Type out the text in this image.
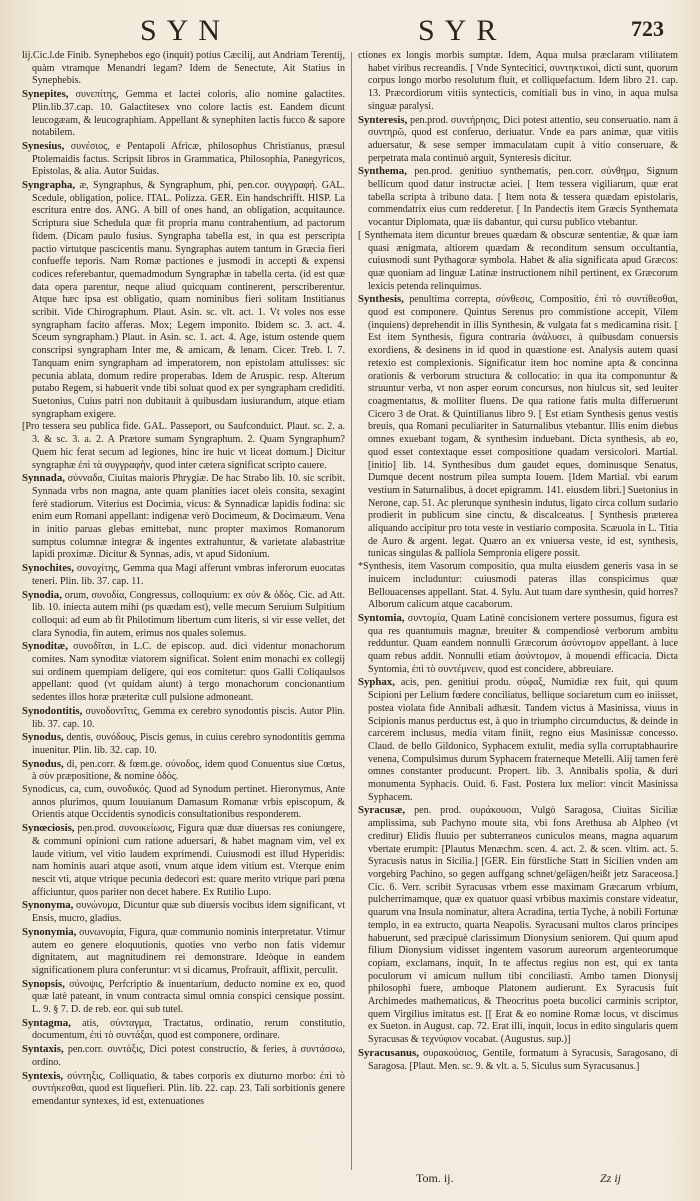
SYN	SYR	723

lij.Cic.l.de Finib. Synephebos ego (inquit) potius Cæcilij, aut Andriam Terentij, quàm vtramque Menandri legam? Idem de Senectute, Ait Statius in Synephebis.

Synepites, συνεπίτης, Gemma et lactei coloris, alio nomine galactites. Plin.lib.37.cap. 10. Galactitesex vno colore lactis est. Eandem dicunt leucogæam, & leucographiam. Appellant & synephiten lactis fucco & sapore notabilem.

Synesius, συνέσιος, e Pentapoli Africæ, philosophus Christianus, præsul Ptolemaidis factus. Scripsit libros in Grammatica, Philosophia, Panegyricos, Epistolas, & alia. Autor Suidas.

Syngrapha, æ, Syngraphus, & Syngraphum, phi, pen.cor. συγγραφή. GAL. Scedule, obligation, police. ITAL. Polizza. GER. Ein handschrifft. HISP. La escritura entre dos. ANG. A bill of ones hand, an obligation, acquitaunce. Scriptura siue Schedula quæ fit propria manu contrahentium, ad pactorum fidem. (Dicam paulo fusius. Syngrapha tabella est, in qua est perscripta pactio virtutque pascicentis manu. Syngraphas autem tantum in Græcia fieri confueffe teporis. Nam Romæ pactiones e jusmodi in accepti & expensi codices referebantur, quemadmodum Syngraphæ in tabella certa. (id est quæ data opera parentur, neque aliud quicquam continerent, perscriberentur. Atque hæc ipsa est obligatio, quam nominibus fieri solitam Institianus scribit. Vide Chirographum. Plaut. Asin. sc. vlt. act. 1. Vt voles nos esse syngrapham facito afferas. Mox; Legem imponito. Ibidem sc. 3. act. 4. Sceum syngrapham.) Plaut. in Asin. sc. 1. act. 4. Age, istum ostende quem conscripsi syngrapham Inter me, & amicam, & lenam. Cicer. Treb. l. 7. Tanquam enim syngrapham ad imperatorem, non epistolam attulisses: sic pecunia ablata, domum redire properabas. Idem de Aruspic. resp. Alterum putabo Regem, si habuerit vnde tibi soluat quod ex per syngrapham crediditi. Suetonius, Cuius patri non dubitauit à quibusdam iusiurandum, atque etiam syngrapham exigere.

[Pro tessera seu publica fide. GAL. Passeport, ou Saufconduict. Plaut. sc. 2. a. 3. & sc. 3. a. 2. A Prætore sumam Syngraphum. 2. Quam Syngraphum? Quem hic ferat secum ad legiones, hinc ire huic vt liceat domum.] Dicitur syngraphæ ἐπὶ τὰ συγγραφὴν, quod inter cætera significat scripto cauere.

Synnada, σύνναδα, Ciuitas maioris Phrygiæ. De hac Strabo lib. 10. sic scribit. Synnada vrbs non magna, ante quam planities iacet oleis consita, sexagint ferè stadiorum. Viterius est Docimia, vicus: & Synnadicæ lapidis fodina: sic enim eum Romani appellant: indigenæ verò Docimeum, & Docimæum. Vena in initio paruas glebas emittebat, nunc propter maximos Romanorum sumptus columnæ integræ & ingentes extrahuntur, & varietate alabastritæ lapidi proximæ. Dicitur & Synnas, adis, vt apud Sidonium.

Synochites, συνοχίτης, Gemma qua Magi afferunt vmbras inferorum euocatas teneri. Plin. lib. 37. cap. 11.

Synodia, orum, συνοδία, Congressus, colloquium: ex σύν & ὁδὸς. Cic. ad Att. lib. 10. iniecta autem mihi (ps quædam est), velle mecum Seruium Sulpitium colloqui: ad eum ab fit Philotimum libertum cum literis, si vir esse vellet, det clara Synodia, fin autem, erimus nos quales solemus.

Synoditæ, συνοδῖται, in L.C. de episcop. aud. dici videntur monachorum comites. Nam synoditæ viatorem significat. Solent enim monachi ex collegij sui ordinem quempiam deligere, qui eos comitetur: quos Galli Coliqaulsos appellant: quod (vt quidam aiunt) à tergo monachorum concionantium sedentes illos horæ præteritæ cull pulsione admoneant.

Synodontitis, συνοδοντῖτις, Gemma ex cerebro synodontis piscis. Autor Plin. lib. 37. cap. 10.

Synodus, dentis, συνόδους, Piscis genus, in cuius cerebro synodontitis gemma inuenitur. Plin. lib. 32. cap. 10.

Synodus, di, pen.corr. & fœm.ge. σύνοδος, idem quod Conuentus siue Cœtus, à σὺν præpositione, & nomine ὁδὸς.

Synodicus, ca, cum, συνοδικός. Quod ad Synodum pertinet. Hieronymus, Ante annos plurimos, quum Iouuianum Damasum Romanæ vrbis episcopum, & Orientis atque Occidentis synodicis consultationibus responderem.

Synœciosis, pen.prod. συνοικείωσις, Figura quæ duæ diuersas res coniungere, & communi opinioni cum ratione aduersari, & habet magnam vim, vel ex laude vitium, vel vitio laudem exprimendi. Cuiusmodi est illud Hyperidis: nam hominis auari atque asoti, vnum atque idem vitium est. Vterque enim nescit vti, atque vtrique pecunia dedecori est: quare merito vtrique pari pœna afficiuntur, quos pariter non decet habere. Ex Rutilio Lupo.

Synonyma, συνώνυμα, Dicuntur quæ sub diuersis vocibus idem significant, vt Ensis, mucro, gladius.

Synonymia, συνωνυμία, Figura, quæ communio nominis interpretatur. Vtimur autem eo genere eloquutionis, quoties vno verbo non fatis videmur dignitatem, aut magnitudinem rei demonstrare. Ideòque in eandem significationem plura conferuntur: vt si dicamus, Profrauit, afflixit, perculit.

Synopsis, σύνοψις, Perfcriptio & inuentarium, deducto nomine ex eo, quod quæ latè pateant, in vnum contracta simul omnia conspici censique possint. L. 9. § 7. D. de reb. eor. qui sub tutel.

Syntagma, atis, σύνταγμα, Tractatus, ordinatio, rerum constitutio, documentum, ἐπὶ τὸ συντάξαι, quod est componere, ordinare.

Syntaxis, pen.corr. συντάξις, Dici potest constructio, & feries, à συντάσσω, ordino.

Syntexis, σύντηξις, Colliquatio, & tabes corporis ex diuturno morbo: ἐπὶ τὸ συντήκεσθαι, quod est liquefieri. Plin. lib. 22. cap. 23. Tali sorbitionis genere emendantur syntexes, id est, extenuationes

ctiones ex longis morbis sumptæ. Idem, Aqua mulsa præclaram vtilitatem habet viribus recreandis. [ Vnde Syntecitici, συντηκτικοὶ, dicti sunt, quorum corpus longo morbo resolutum fluit, et colliquefactum. Idem libro 21. cap. 13. Præcordiorum vitiis syntecticis, comitiali bus in vino, in aqua mulsa singuæ paralysi.

Synteresis, pen.prod. συντήρησις, Dici potest attentio, seu conseruatio. nam à συντηρῶ, quod est conferuo, deriuatur. Vnde ea pars animæ, quæ vitiis aduersatur, & sese semper immaculatam cupit à vitio conseruare, & perpetrata mala continuò arguit, Synteresis dicitur.

Synthema, pen.prod. genitiuo synthematis, pen.corr. σύνθημα, Signum bellicum quod datur instructæ aciei. [ Item tessera vigiliarum, quæ erat tabella scripta à tribuno data. [ Item nota & tessera quædam epistolaris, commendatrix eius cum redderetur. [ In Pandectis item Græcis Synthemata vocantur Diplomata, quæ iis dabantur, qui cursu publico vtebantur.

[ Synthemata item dicuntur breues quædam & obscuræ sententiæ, & quæ iam quasi ænigmata, altiorem quædam & reconditum sensum occultantia, cuiusmodi sunt Pythagoræ symbola. Habet & alia significata apud Græcos: quæ quoniam ad linguæ Latinæ instructionem nihil pertinent, ex Græcorum lexicis petenda relinquimus.

Synthesis, penultima correpta, σύνθεσις, Compositio, ἐπὶ τὸ συντίθεσθαι, quod est componere. Quintus Serenus pro commistione accepit, Vilem (inquiens) deprehendit in illis Synthesin, & vulgata fat s medicamina risit. [ Est item Synthesis, figura contraria ἀνάλυσει, à quibusdam conuersis exordiens, & desinens in id quod in quæstione est. Analysis autem quasi retexio est complexionis. Significatur item hoc nomine apta & concinna orationis & verborum structura & collocatio: in qua ita componuntur & struuntur verba, vt non asper eorum concursus, non hiulcus sit, sed leuiter coagmentatus, & molliter fluens. De qua ratione fatis multa differuerunt Cicero 3 de Orat. & Quintilianus libro 9. [ Est etiam Synthesis genus vestis breuis, qua Romani peculiariter in Saturnalibus vtebantur. Illis enim diebus omnes exuebant togam, & synthesim induebant. Dicta synthesis, ab eo, quod esset contextaque esset compositione quadam versicolori. Martial. [initio] lib. 14. Synthesibus dum gaudet eques, dominusque Senatus, Dumque decent nostrum pilea sumpta Iouem. [Idem Martial. vbi earum vestium in Saturnalibus, à docet epigramm. 141. eiusdem libri.] Suetonius in Nerone, cap. 51. Ac plerunque synthesin indutus, ligato circa collum sudario prodierit in publicum sine cinctu, & discalceatus. [ Synthesis præterea aliquando accipitur pro tota veste in vestiario composita. Scæuola in L. Titia de Auro & argent. legat. Quæro an ex vniuersa veste, id est, synthesis, tunicas singulas & palliola Sempronia eligere possit.

*Synthesis, item Vasorum compositio, qua multa eiusdem generis vasa in se inuicem includuntur: cuiusmodi pateras illas conspicimus quæ Bellouacenses appellant. Stat. 4. Sylu. Aut tuam dare synthesin, quid horres? Alborum calicum atque cacaborum.

Syntomia, συντομία, Quam Latinè concisionem vertere possumus, figura est qua res quantumuis magnæ, breuiter & compendiosè verborum ambitu redduntur. Quam eandem nonnulli Græcorum ἀσύντομον appellant. à luce quam rebus addit. Nonnulli etiam ἀσύντομον, à mouendi efficacia. Dicta Syntomia, ἐπὶ τὸ συντέμνειν, quod est concidere, abbreuiare.

Syphax, acis, pen. genitiui produ. σύφαξ, Numidiæ rex fuit, qui quum Scipioni per Lelium fœdere conciliatus, bellique sociaretum cum eo iniisset, postea violata fide Annibali adhæsit. Tandem victus à Masinissa, viuus in Scipionis manus perductus est, à quo in triumpho circumductus, & deinde in carcerem inclusus, media vitam finiit, regno eius Masinissæ concesso. Claud. de bello Gildonico, Syphacem extulit, media sylla corruptabhaurire venena, Compulsimus durum Syphacem fraterneque Metelli. Alij tamen ferè omnes constanter producunt. Propert. lib. 3. Annibalis spolia, & duri monumenta Syphacis. Ouid. 6. Fast. Postera lux melior: vincit Masinissa Syphacem.

Syracusæ, pen. prod. συράκουσαι, Vulgò Saragosa, Ciuitas Siciliæ amplissima, sub Pachyno moute sita, vbi fons Arethusa ab Alpheo (vt creditur) Elidis fluuio per subterraneos cuniculos means, magna aquarum vbertate erumpit: [Plautus Menæchm. scen. 4. act. 2. & scen. vltim. act. 5. Syracusis natus in Sicilia.] [GER. Ein fürstliche Statt in Sicilien vnden am vorgebirg Pachino, so gegen auffgang schnet/gelägen/heißt jetz Saraceosa.] Cic. 6. Verr. scribit Syracusas vrbem esse maximam Græcarum vrbium, pulcherrimamque, quæ ex quatuor quasi vrbibus maximis constare videatur, quarum vna Insula nominatur, altera Acradina, tertia Tyche, à nobili Fortunæ templo, in ea extructo, quarta Neapolis. Syracusani multos claros principes habuerunt, sed præcipuè clarissimum Dionysium seniorem. Qui quum apud filium Dionysium vidisset ingentem vasorum aureorum argenteorumque copiam, exclamans, inquit, In te affectus regius non est, qui ex tanta poculorum vi amicum nullum tibi conciliasti. Ambo tamen Dionysij philosophi fuere, amboque Platonem audierunt. Ex Syracusis fuit Archimedes mathematicus, & Theocritus poeta bucolici carminis scriptor, quem Virgilius imitatus est. [[ Erat & eo nomine Romæ locus, vt discimus ex Sueton. in August. cap. 72. Erat illi, inquit, locus in edito singularis quem Syracusas & τεχνύφιον vocabat. (Augustus. sup.)]

Syracusanus, συρακούσιος, Gentile, formatum à Syracusis, Saragosano, di Saragosa. [Plaut. Men. sc. 9. & vlt. a. 5. Siculus sum Syracusanus.]

Tom. ij.	Zz ij
